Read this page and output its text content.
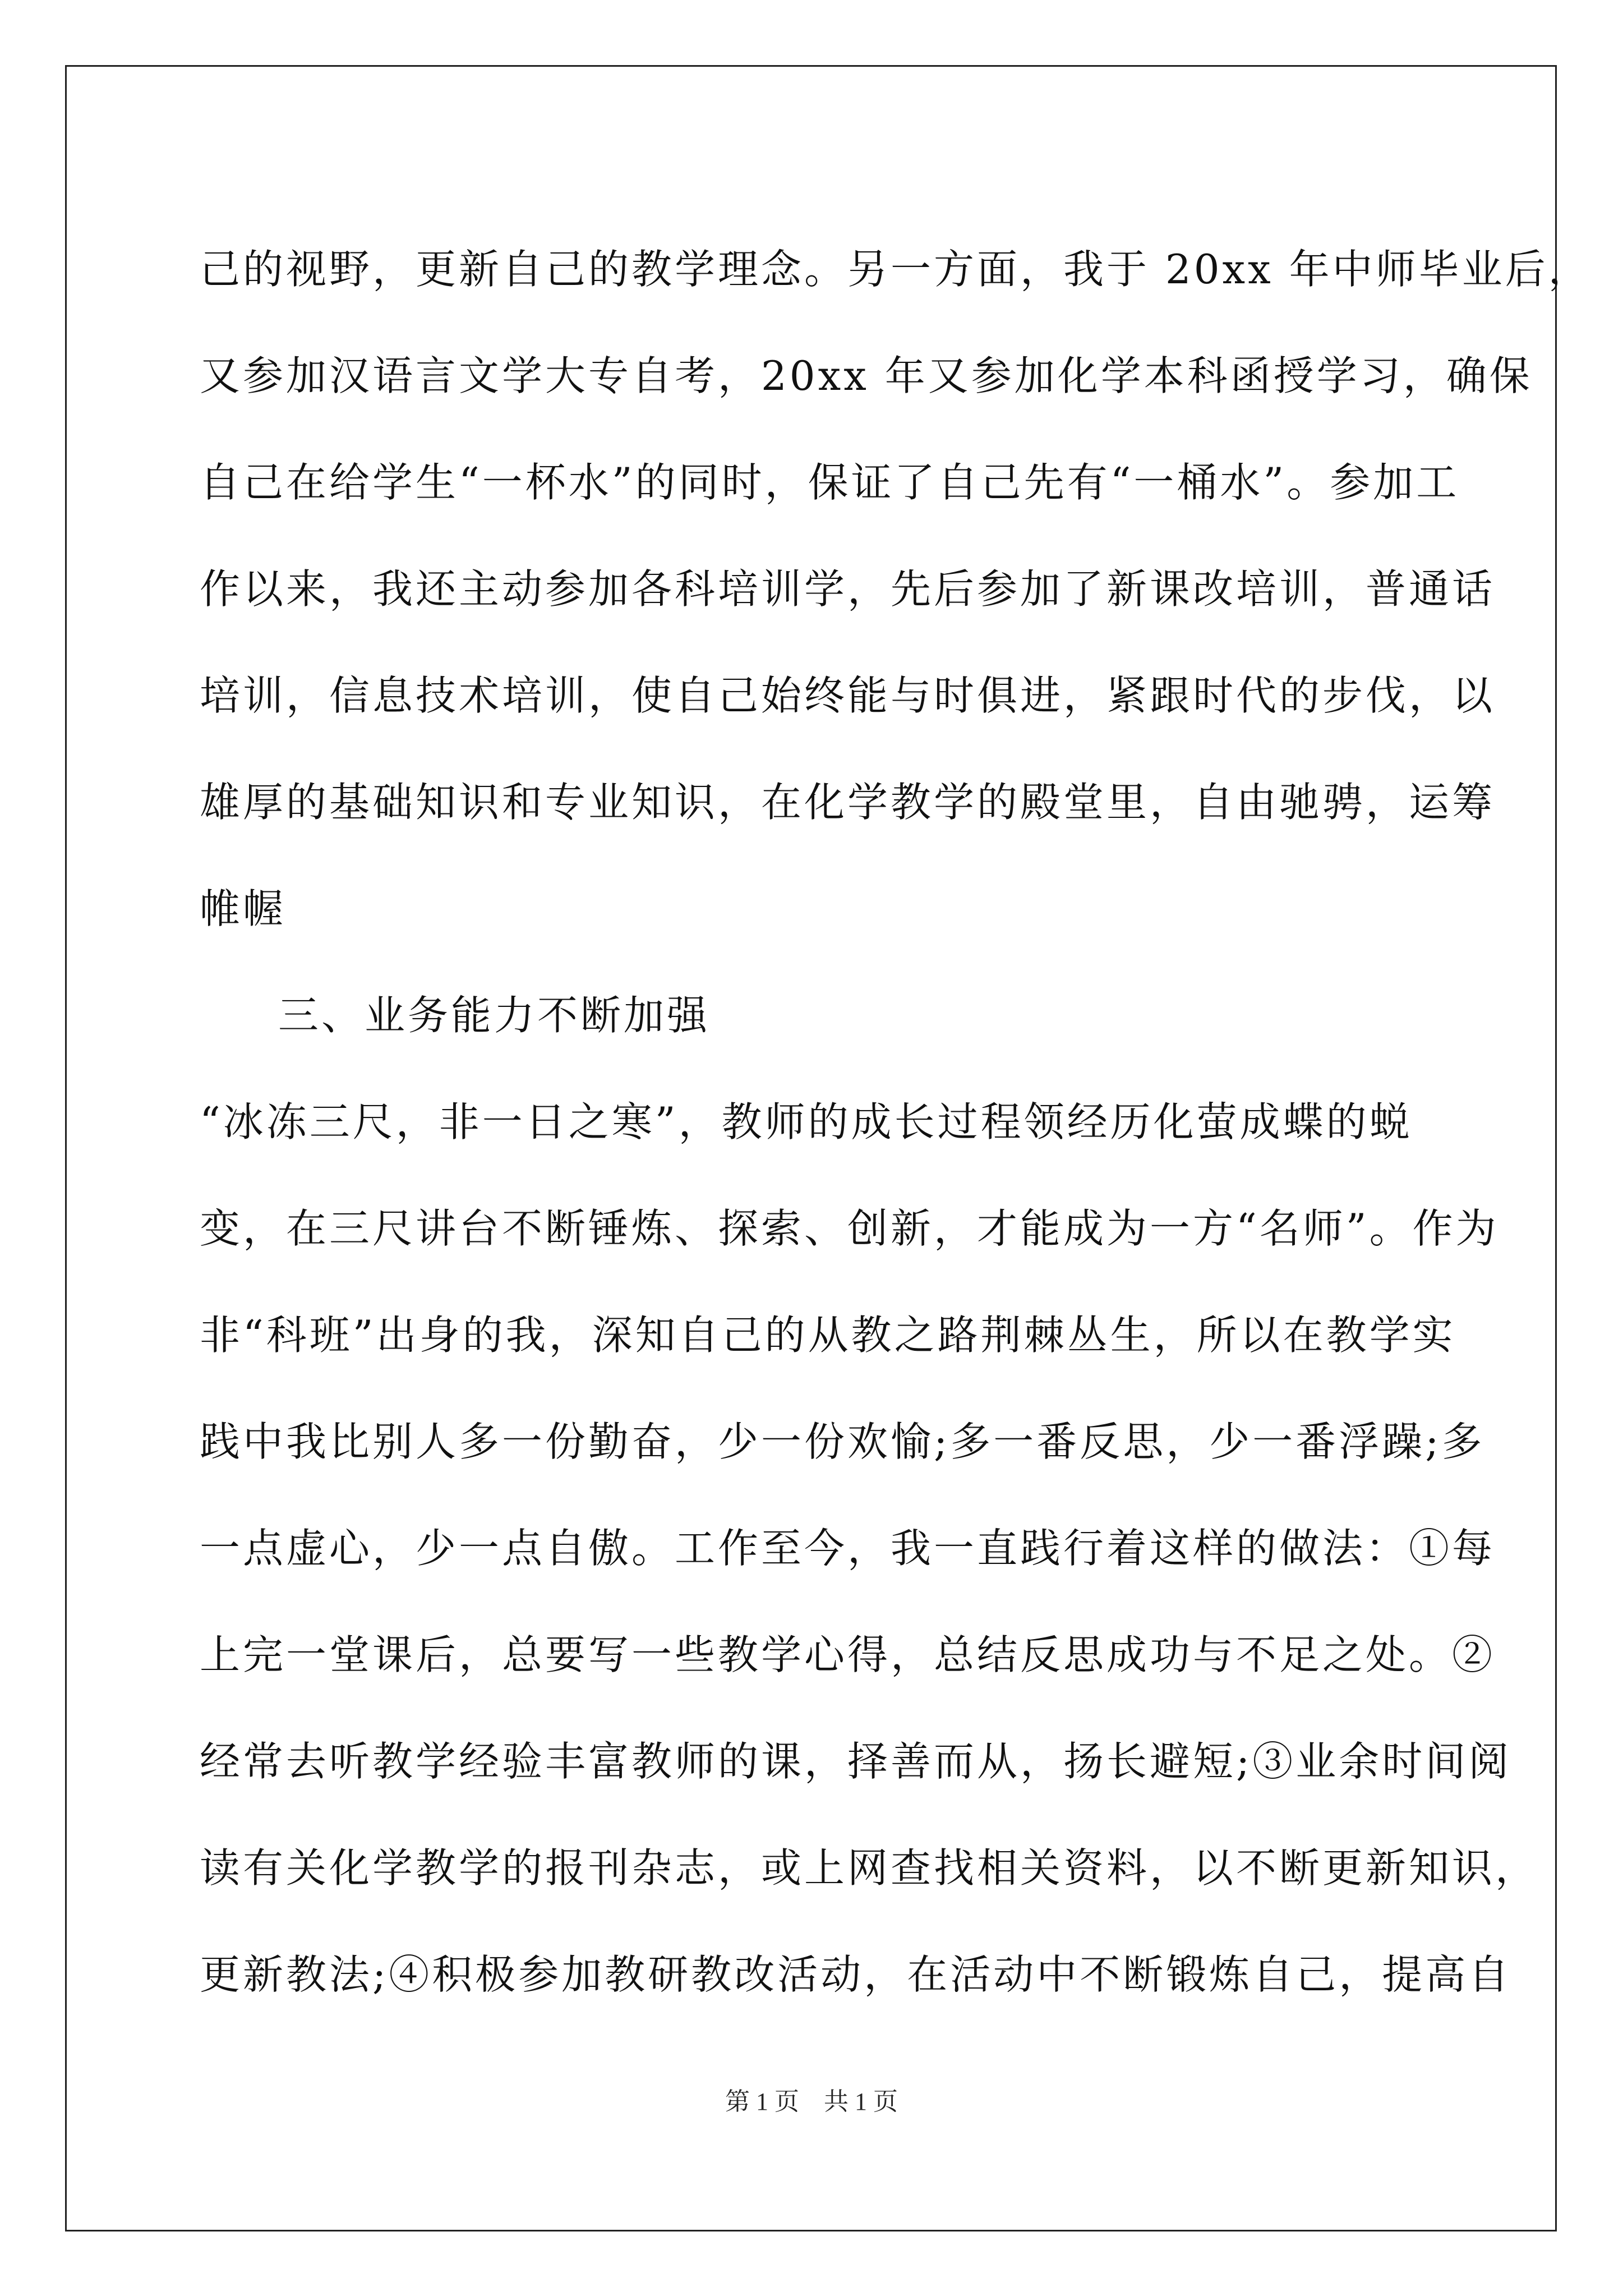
己的视野，更新自己的教学理念。另一方面，我于 20xx 年中师毕业后，
又参加汉语言文学大专自考，20xx 年又参加化学本科函授学习，确保
自己在给学生“一杯水”的同时，保证了自己先有“一桶水”。参加工
作以来，我还主动参加各科培训学，先后参加了新课改培训，普通话
培训，信息技术培训，使自己始终能与时俱进，紧跟时代的步伐，以
雄厚的基础知识和专业知识，在化学教学的殿堂里，自由驰骋，运筹
帷幄
三、业务能力不断加强
“冰冻三尺，非一日之寒”，教师的成长过程领经历化萤成蝶的蜕
变，在三尺讲台不断锤炼、探索、创新，才能成为一方“名师”。作为
非“科班”出身的我，深知自己的从教之路荆棘丛生，所以在教学实
践中我比别人多一份勤奋，少一份欢愉;多一番反思，少一番浮躁;多
一点虚心，少一点自傲。工作至今，我一直践行着这样的做法：①每
上完一堂课后，总要写一些教学心得，总结反思成功与不足之处。②
经常去听教学经验丰富教师的课，择善而从，扬长避短;③业余时间阅
读有关化学教学的报刊杂志，或上网查找相关资料，以不断更新知识，
更新教法;④积极参加教研教改活动，在活动中不断锻炼自己，提高自
第 1 页　共 1 页
